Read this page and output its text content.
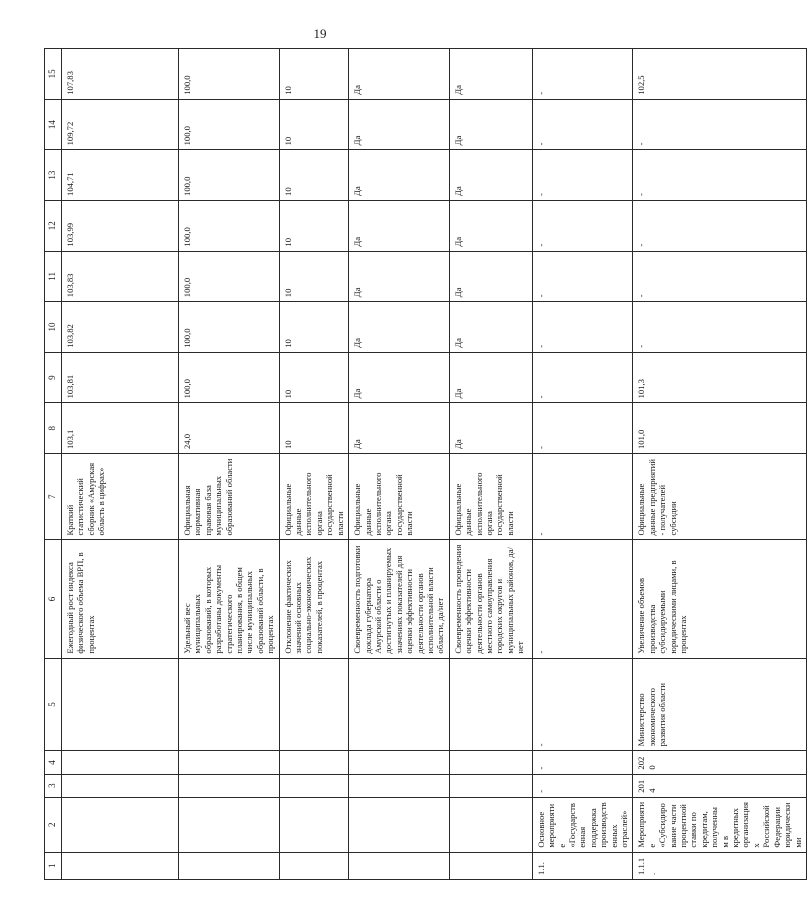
19
1	2	3	4	5	6	7	8	9	10	11	12	13	14	15
					Ежегодный рост индекса физического объема ВРП, в процентах	Краткий статистический сборник «Амурская область в цифрах»	103,1	103,81	103,82	103,83	103,99	104,71	109,72	107,83
					Удельный вес муниципальных образований, в которых разработаны документы стратегического планирования, в общем числе муниципальных образований области, в процентах	Официальная нормативная правовая база муниципальных образований области	24,0	100,0	100,0	100,0	100,0	100,0	100,0	100,0
					Отклонение фактических значений основных социально-экономических показателей, в процентах	Официальные данные исполнительного органа государственной власти	10	10	10	10	10	10	10	10
					Своевременность подготовки доклада губернатора Амурской области о достигнутых и планируемых значениях показателей для оценки эффективности деятельности органов исполнительной власти области, да/нет	Официальные данные исполнительного органа государственной власти	Да	Да	Да	Да	Да	Да	Да	Да
					Своевременность проведения оценки эффективности деятельности органов местного самоуправления городских округов и муниципальных районов, да/нет	Официальные данные исполнительного органа государственной власти	Да	Да	Да	Да	Да	Да	Да	Да
1.1.	Основное мероприятие «Государственная поддержка производственных отраслей»	-	-	-	-	-	-	-	-	-	-	-	-	-
1.1.1.	Мероприятие «Субсидирование части процентной ставки по кредитам, полученным в кредитных организациях Российской Федерации юридическими	2014	2020	Министерство экономического развития области	Увеличение объемов производства субсидируемыми юридическими лицами, в процентах	Официальные данные предприятий - получателей субсидии	101,0	101,3	-	-	-	-	-	102,5
